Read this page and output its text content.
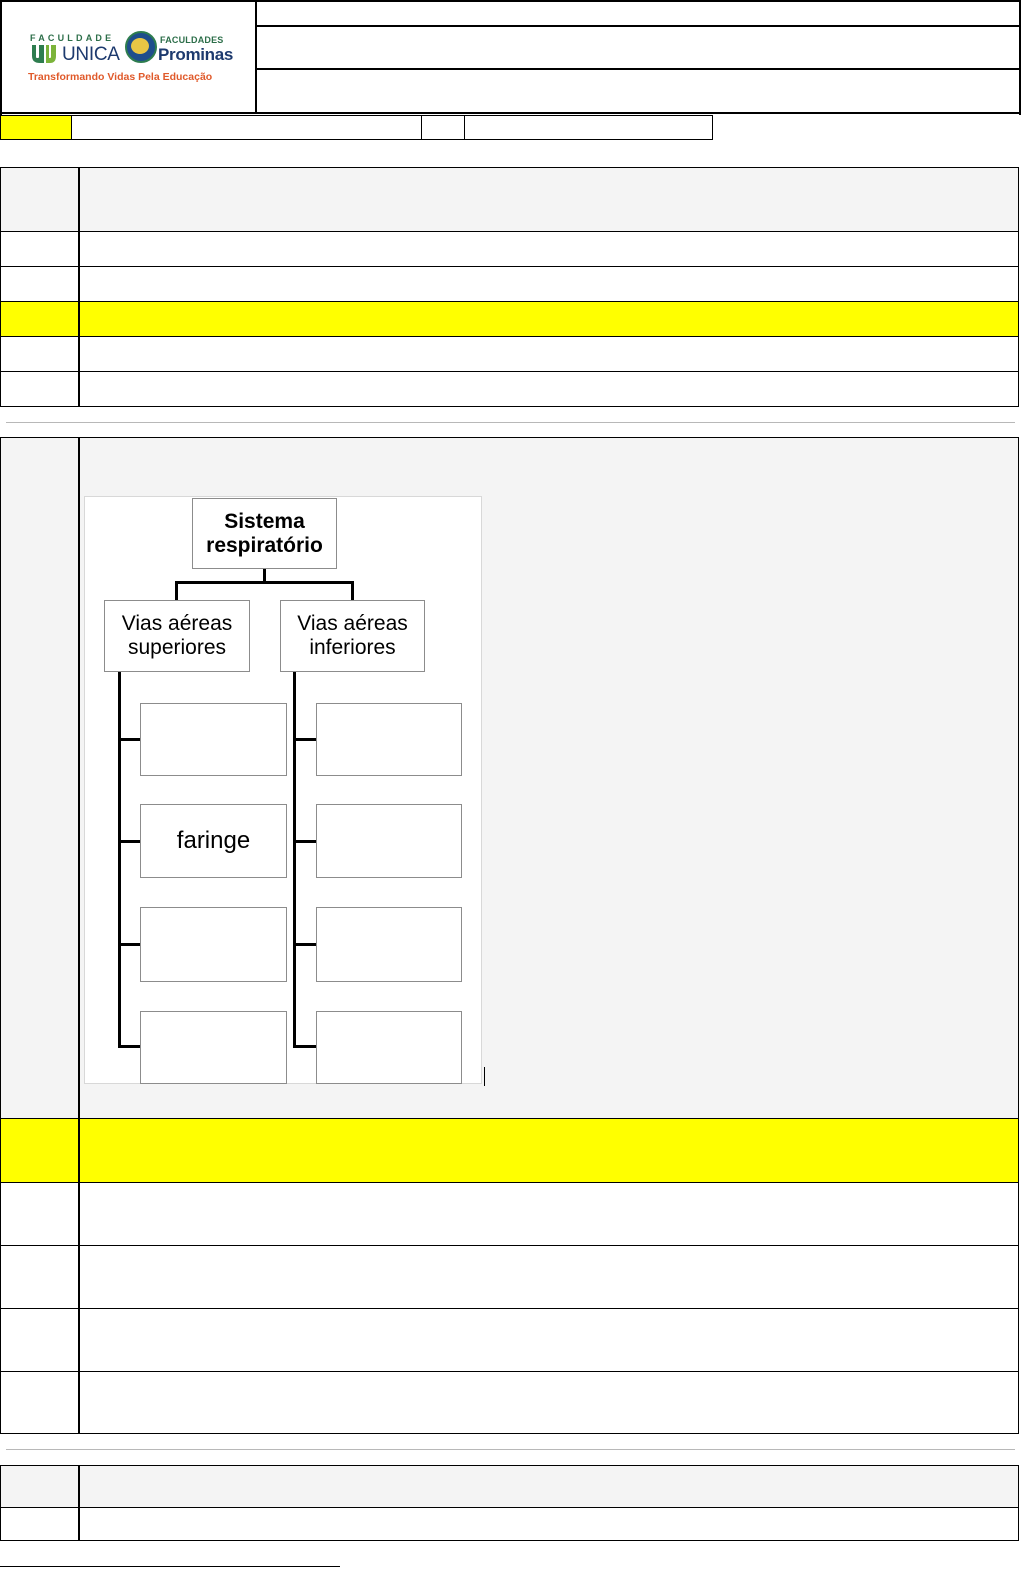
FACULDADE
UNICA
FACULDADES
Prominas
Transformando Vidas Pela Educação
Sistema respiratório
Vias aéreas superiores
Vias aéreas inferiores
faringe
